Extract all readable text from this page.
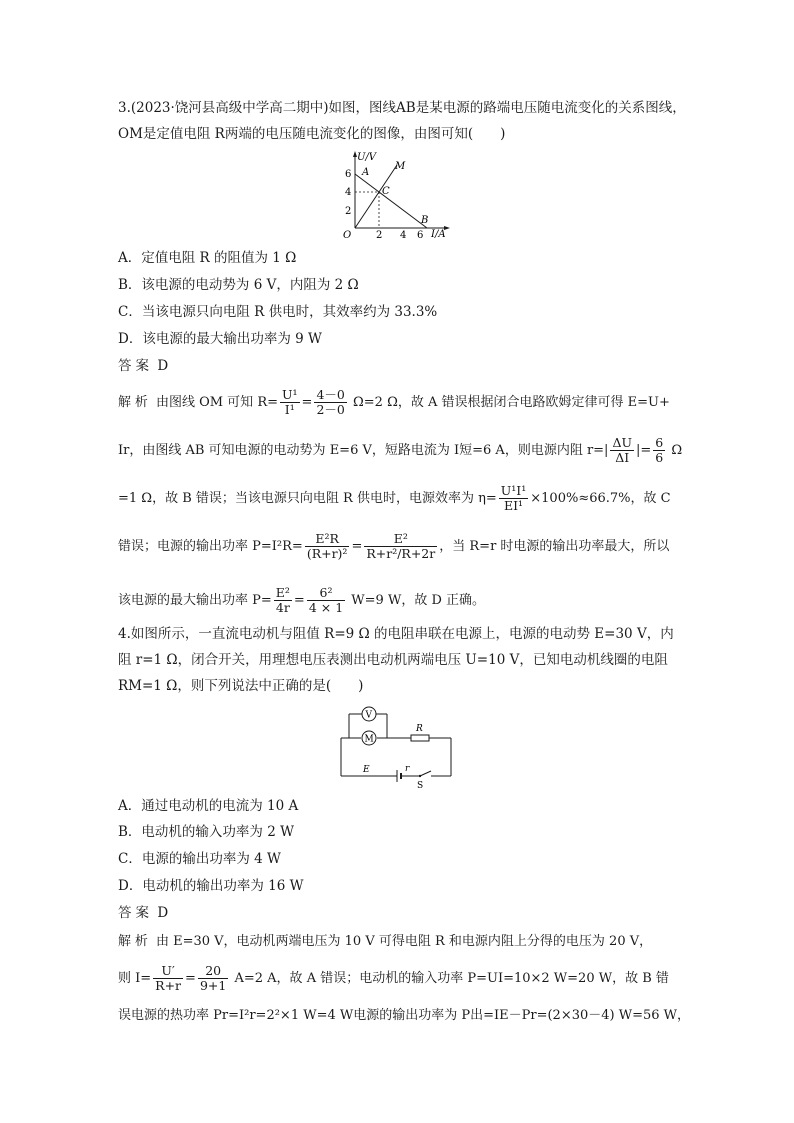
3.(2023·饶河县高级中学高二期中)如图，图线AB是某电源的路端电压随电流变化的关系图线，
OM是定值电阻 R两端的电压随电流变化的图像，由图可知(　　)
U/V
I/A
O
A
B
C
M
2
4
6
2 4 6
A．定值电阻 R 的阻值为 1 Ω
B．该电源的电动势为 6 V，内阻为 2 Ω
C．当该电源只向电阻 R 供电时，其效率约为 33.3%
D．该电源的最大输出功率为 9 W
答案 D
解析 由图线 OM 可知 $R= \frac{\text{U¹}}{\text{I¹}} = \frac{4-0}{2-0} \Omega=2$ Ω，故 A 错误根据闭合电路欧姆定律可得 E=U+
Ir，由图线 AB 可知电源的电动势为 E=6 V，短路电流为 I短=6 A，则电源内阻 $r=| \frac{\Delta U}{\Delta I}$ |= $\frac{6}{6}$ Ω
=1 Ω，故 B 错误；当该电源只向电阻 R 供电时，电源效率为 $\eta= \frac{\text{U¹I¹}}{\text{EI¹}} \times 100\%\approx 66.7\%$，故 C
错误；电源的输出功率 $P=I^2R= \frac{\text{E²R}}{\text{(R+r)²}} = \frac{\text{E²}}{\text{R+r²/R+2r}}$ ，当 R=r 时电源的输出功率最大，所以
该电源的最大输出功率 $P= \frac{\text{E²}}{4r} = \frac{\text{6²}}{4 \times 1} W=9$ W，故 D 正确。
4.如图所示，一直流电动机与阻值 R=9 Ω 的电阻串联在电源上，电源的电动势 E=30 V，内
阻 r=1 Ω，闭合开关，用理想电压表测出电动机两端电压 U=10 V，已知电动机线圈的电阻
RM=1 Ω，则下列说法中正确的是(　　)
V
M
R
E	r
S
A．通过电动机的电流为 10 A
B．电动机的输入功率为 2 W
C．电源的输出功率为 4 W
D．电动机的输出功率为 16 W
答案 D
解析 由 E=30 V，电动机两端电压为 10 V 可得电阻 R 和电源内阻上分得的电压为 20 V，
则 $I= \frac{U'}{R+r} = \frac{20}{9+1} A=2$ A，故 A 错误；电动机的输入功率 P=UI=10×2 W=20 W，故 B 错
误电源的热功率 Pr=I²r=2²×1 W=4 W电源的输出功率为 P出=IE－Pr=(2×30－4) W=56 W，
